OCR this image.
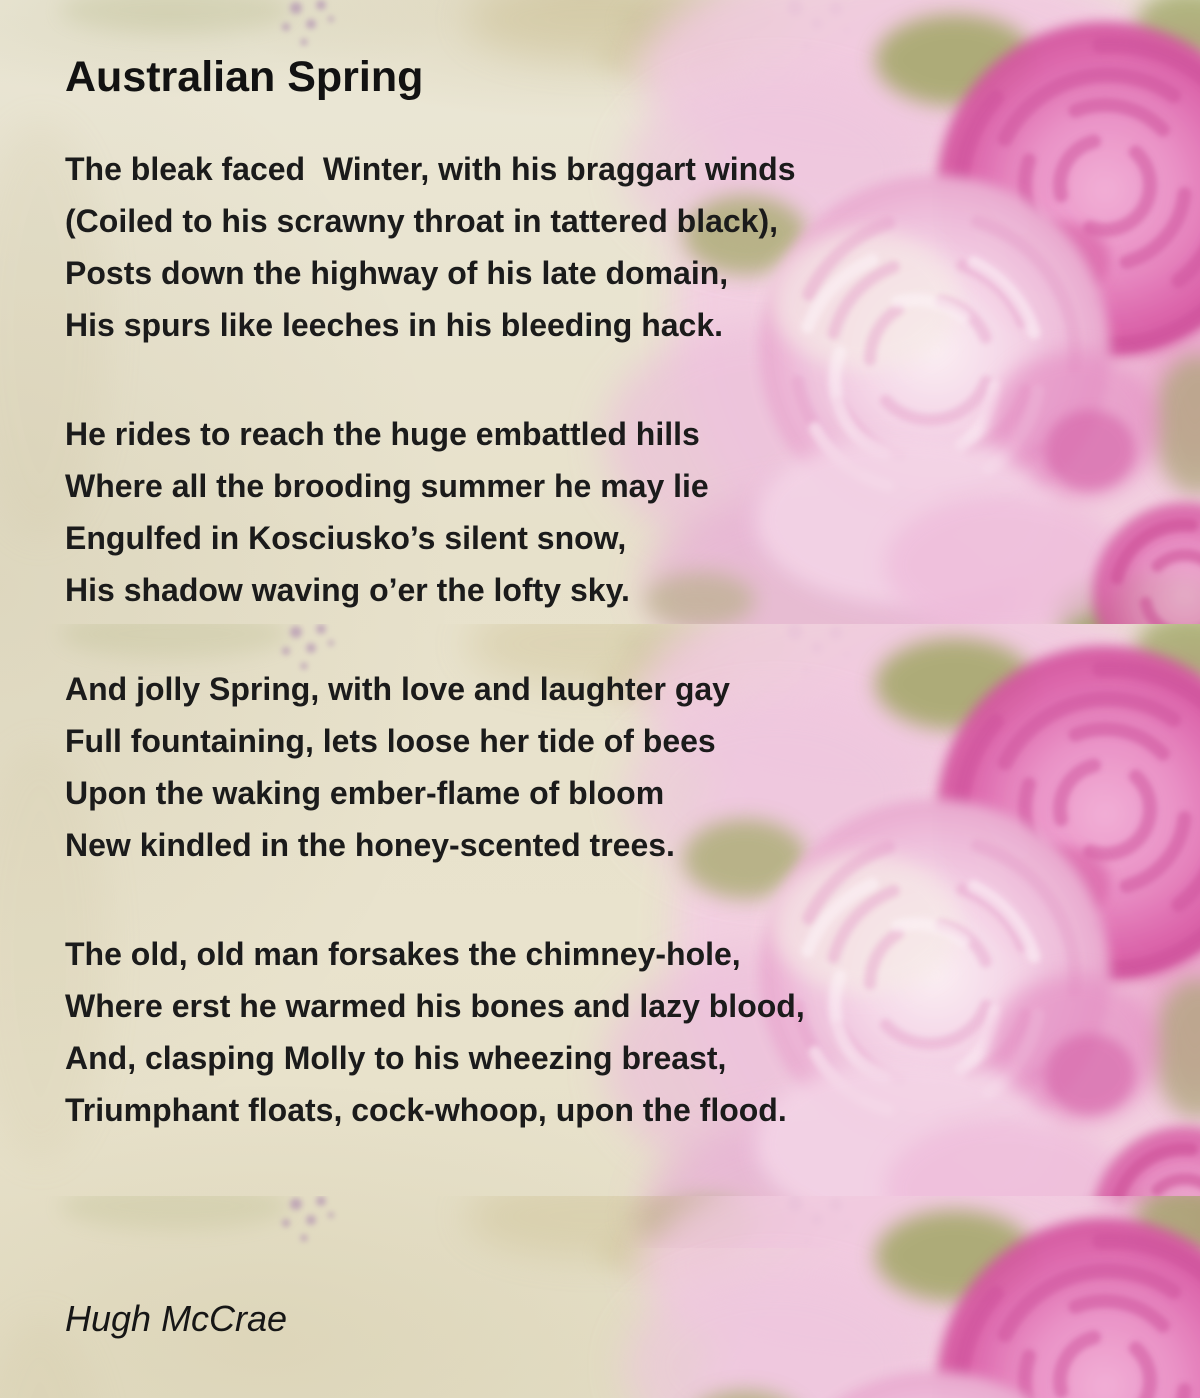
Australian Spring

The bleak faced  Winter, with his braggart winds

(Coiled to his scrawny throat in tattered black),

Posts down the highway of his late domain,

His spurs like leeches in his bleeding hack.

He rides to reach the huge embattled hills

Where all the brooding summer he may lie

Engulfed in Kosciusko’s silent snow,

His shadow waving o’er the lofty sky.

And jolly Spring, with love and laughter gay

Full fountaining, lets loose her tide of bees

Upon the waking ember-flame of bloom

New kindled in the honey-scented trees.

The old, old man forsakes the chimney-hole,

Where erst he warmed his bones and lazy blood,

And, clasping Molly to his wheezing breast,

Triumphant floats, cock-whoop, upon the flood.

Hugh McCrae
